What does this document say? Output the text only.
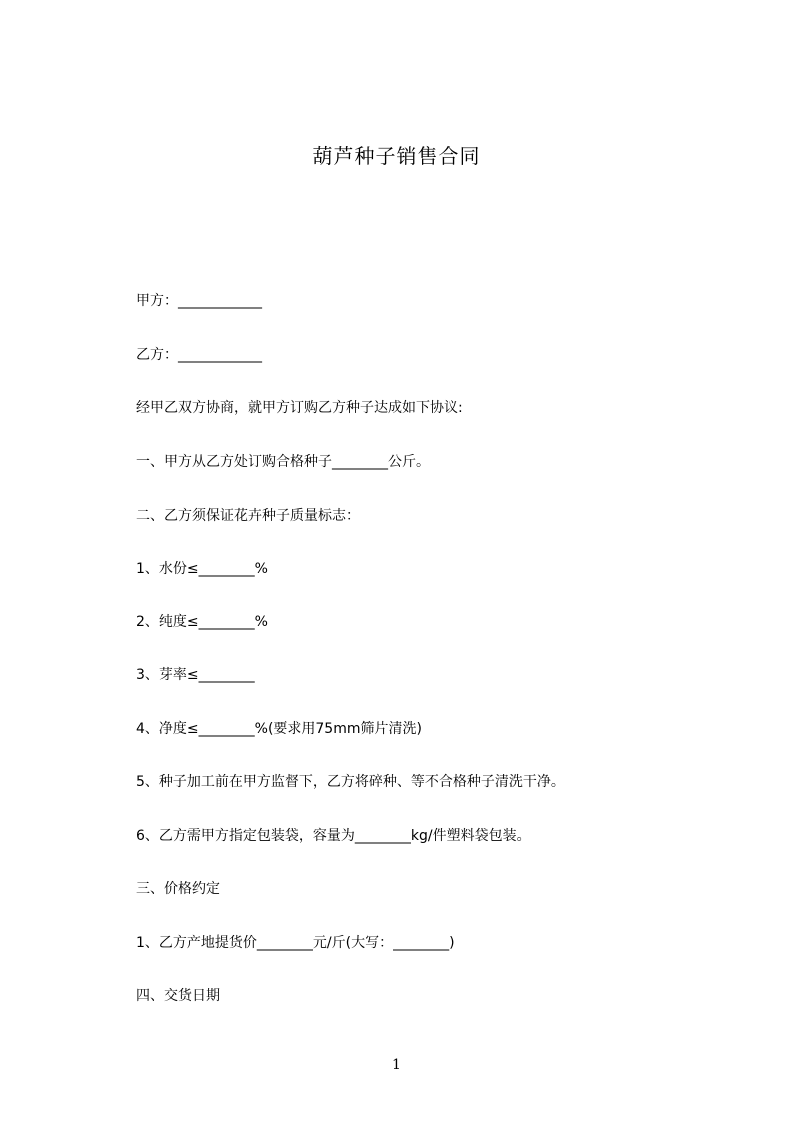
葫芦种子销售合同
甲方：____________
乙方：____________
经甲乙双方协商，就甲方订购乙方种子达成如下协议:
一、甲方从乙方处订购合格种子________公斤。
二、乙方须保证花卉种子质量标志：
1、水份≤________%
2、纯度≤________%
3、芽率≤________
4、净度≤________%(要求用75mm筛片清洗)
5、种子加工前在甲方监督下，乙方将碎种、等不合格种子清洗干净。
6、乙方需甲方指定包装袋，容量为________kg/件塑料袋包装。
三、价格约定
1、乙方产地提货价________元/斤(大写：________)
四、交货日期
1
